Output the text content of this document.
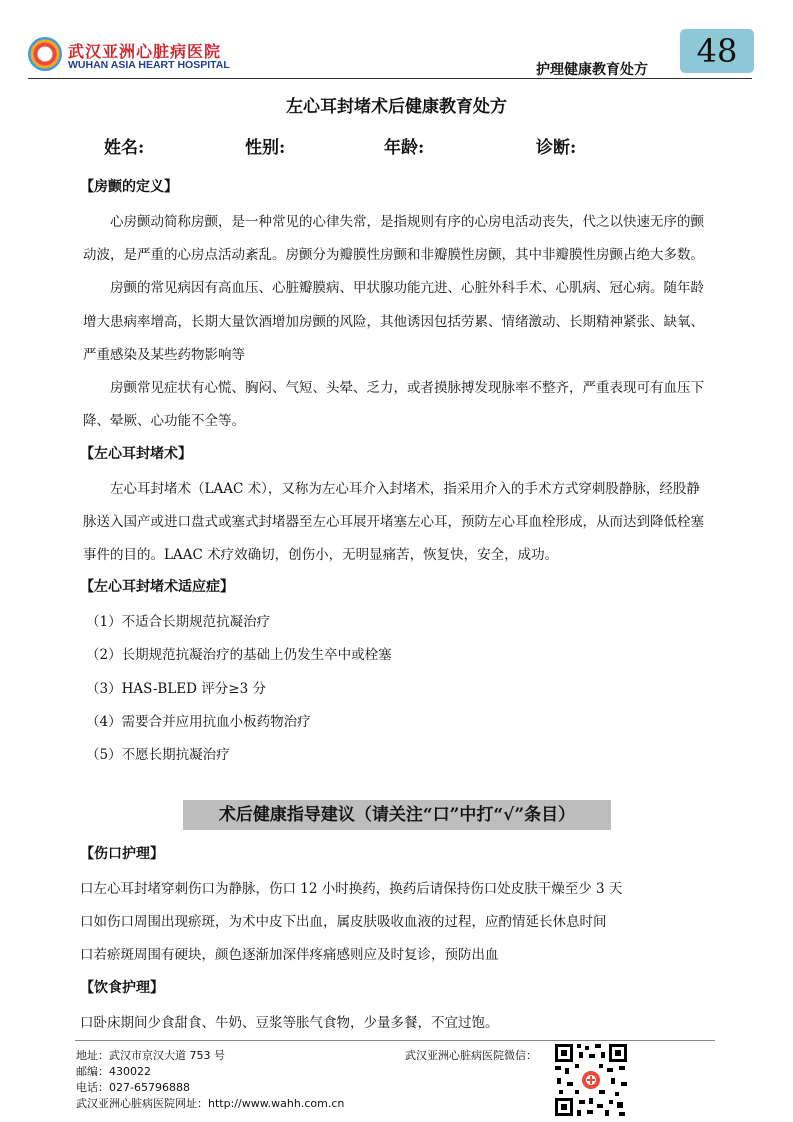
武汉亚洲心脏病医院
WUHAN ASIA HEART HOSPITAL	护理健康教育处方	48
左心耳封堵术后健康教育处方
姓名:	性别:	年龄:	诊断:
【房颤的定义】
心房颤动简称房颤，是一种常见的心律失常，是指规则有序的心房电活动丧失，代之以快速无序的颤
动波，是严重的心房点活动紊乱。房颤分为瓣膜性房颤和非瓣膜性房颤，其中非瓣膜性房颤占绝大多数。
房颤的常见病因有高血压、心脏瓣膜病、甲状腺功能亢进、心脏外科手术、心肌病、冠心病。随年龄
增大患病率增高，长期大量饮酒增加房颤的风险，其他诱因包括劳累、情绪激动、长期精神紧张、缺氧、
严重感染及某些药物影响等
房颤常见症状有心慌、胸闷、气短、头晕、乏力，或者摸脉搏发现脉率不整齐，严重表现可有血压下
降、晕厥、心功能不全等。
【左心耳封堵术】
左心耳封堵术（LAAC 术），又称为左心耳介入封堵术，指采用介入的手术方式穿刺股静脉，经股静
脉送入国产或进口盘式或塞式封堵器至左心耳展开堵塞左心耳，预防左心耳血栓形成，从而达到降低栓塞
事件的目的。LAAC 术疗效确切，创伤小，无明显痛苦，恢复快，安全，成功。
【左心耳封堵术适应症】
（1）不适合长期规范抗凝治疗
（2）长期规范抗凝治疗的基础上仍发生卒中或栓塞
（3）HAS-BLED 评分≥3 分
（4）需要合并应用抗血小板药物治疗
（5）不愿长期抗凝治疗
术后健康指导建议（请关注“口”中打“√”条目）
【伤口护理】
口左心耳封堵穿刺伤口为静脉，伤口 12 小时换药，换药后请保持伤口处皮肤干燥至少 3 天
口如伤口周围出现瘀斑，为术中皮下出血，属皮肤吸收血液的过程，应酌情延长休息时间
口若瘀斑周围有硬块，颜色逐渐加深伴疼痛感则应及时复诊，预防出血
【饮食护理】
口卧床期间少食甜食、牛奶、豆浆等胀气食物，少量多餐，不宜过饱。
地址：武汉市京汉大道 753 号
邮编：430022
电话：027-65796888
武汉亚洲心脏病医院网址：http://www.wahh.com.cn
武汉亚洲心脏病医院微信：
